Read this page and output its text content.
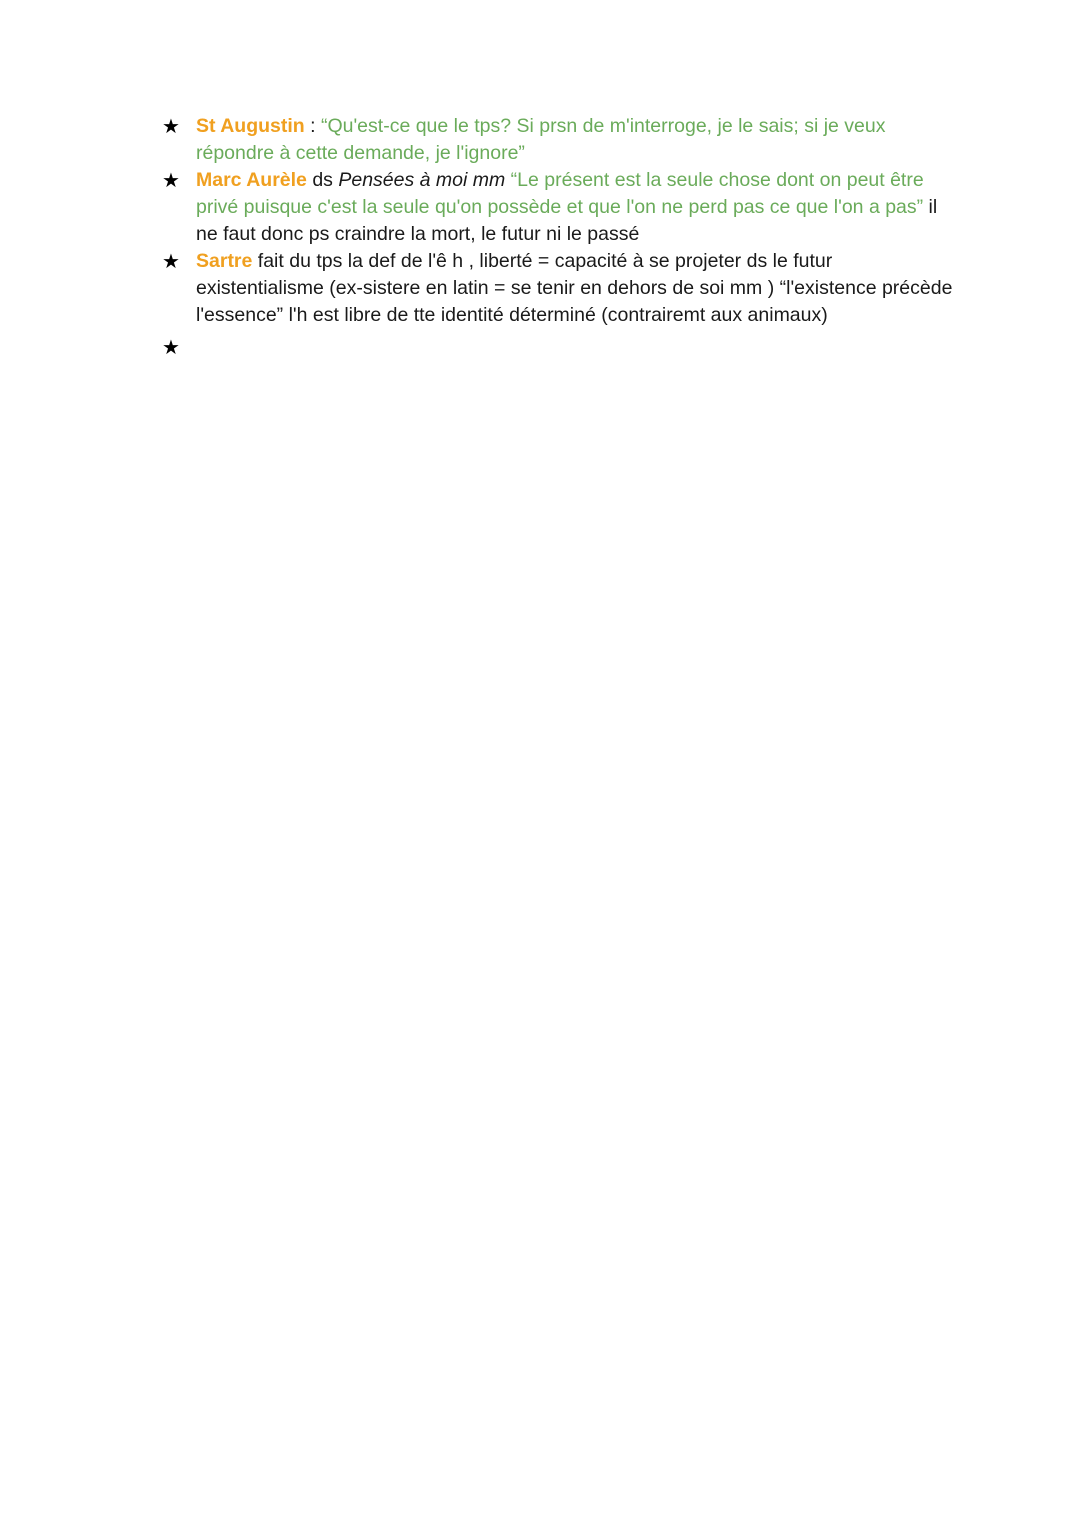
★ St Augustin : “Qu'est-ce que le tps? Si prsn de m'interroge, je le sais; si je veux répondre à cette demande, je l'ignore”
★ Marc Aurèle ds Pensées à moi mm “Le présent est la seule chose dont on peut être privé puisque c'est la seule qu'on possède et que l'on ne perd pas ce que l'on a pas” il ne faut donc ps craindre la mort, le futur ni le passé
★ Sartre fait du tps la def de l'ê h , liberté = capacité à se projeter ds le futur existentialisme (ex-sistere en latin = se tenir en dehors de soi mm ) “l'existence précède l'essence” l'h est libre de tte identité déterminé (contrairemt aux animaux)
★
